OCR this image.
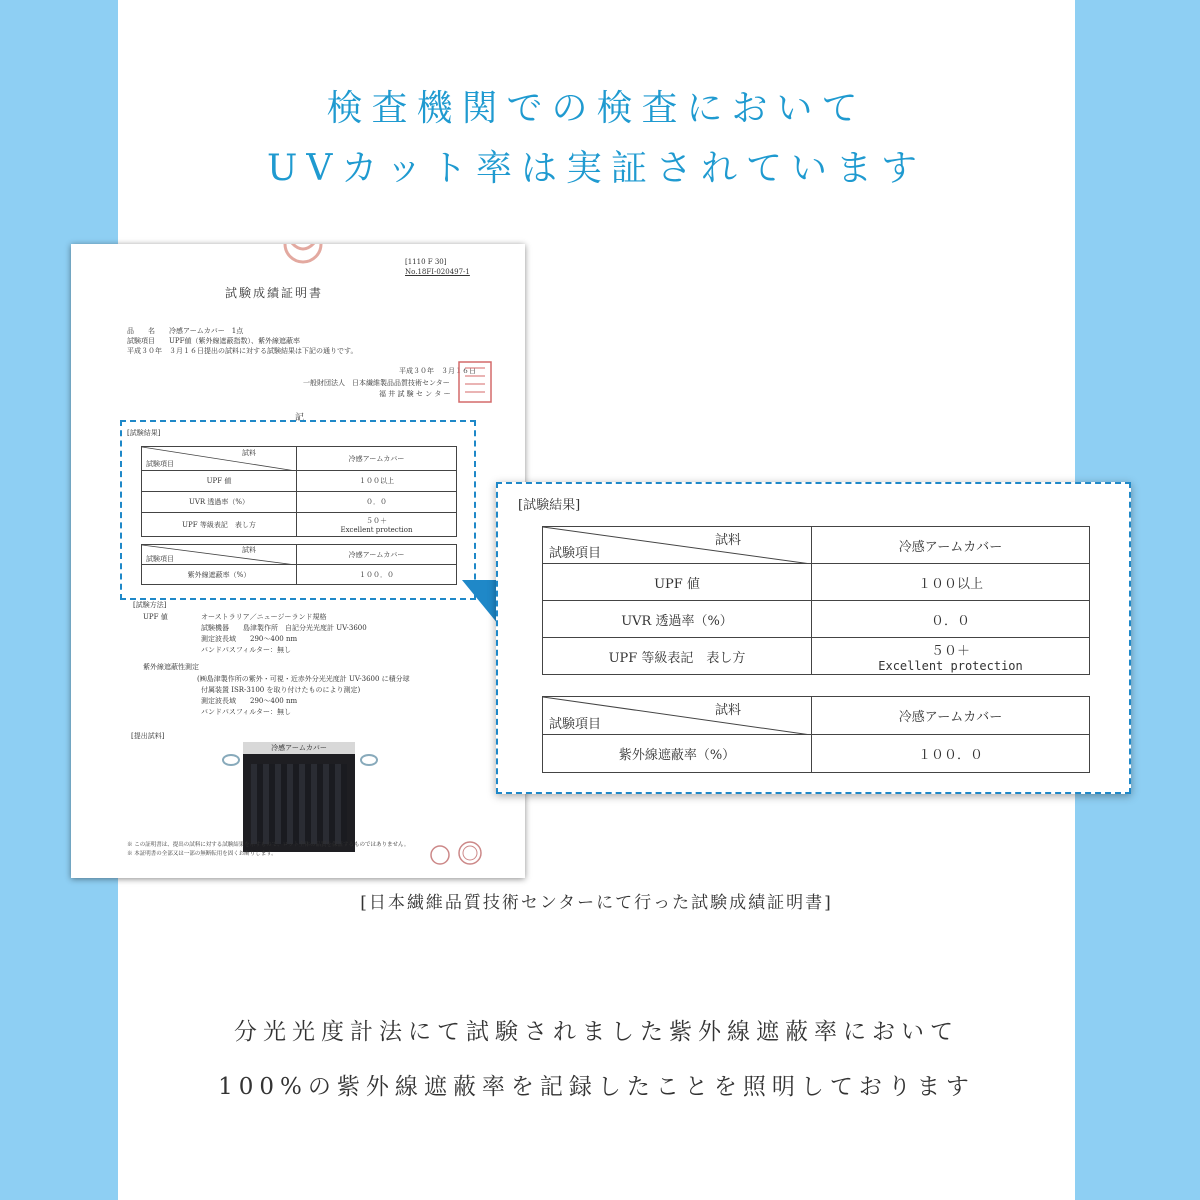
検査機関での検査において
UVカット率は実証されています
[1110 F 30]
No.18FI-020497-1
試験成績証明書
品　　名　　冷感アームカバー　1点
試験項目　　UPF値（紫外線遮蔽指数）、紫外線遮蔽率
平成３０年　３月１６日提出の試料に対する試験結果は下記の通りです。
平成３０年　３月１６日
一般財団法人　日本繊維製品品質技術センター
福 井 試 験 セ ン タ ー
記
[試験結果]
試料
試験項目	冷感アームカバー
UPF 値	１００以上
UVR 透過率（%）	０．０
UPF 等級表記　表し方	５０＋
Excellent protection
試料
試験項目	冷感アームカバー
紫外線遮蔽率（%）	１００．０
[試験方法]
UPF 値	オーストラリア／ニュージーランド規格
試験機器　　島津製作所　自記分光光度計 UV-3600
測定波長域　　290～400 nm
バンドパスフィルター：無し
紫外線遮蔽性測定
(㈱島津製作所の紫外・可視・近赤外分光光度計 UV-3600 に積分球
付属装置 ISR-3100 を取り付けたものにより測定)
測定波長域　　290～400 nm
バンドパスフィルター：無し
[提出試料]
冷感アームカバー
※ この証明書は、提出の試料に対する試験結果を示すもので、ロット全体の品質を保証するものではありません。
※ 本証明書の全部又は一部の無断転用を固くお断りします。
[試験結果]
試料
試験項目	冷感アームカバー
UPF 値	１００以上
UVR 透過率（%）	０．０
UPF 等級表記　表し方	５０＋
Excellent protection
試料
試験項目	冷感アームカバー
紫外線遮蔽率（%）	１００．０
[日本繊維品質技術センターにて行った試験成績証明書]
分光光度計法にて試験されました紫外線遮蔽率において
100%の紫外線遮蔽率を記録したことを照明しております
